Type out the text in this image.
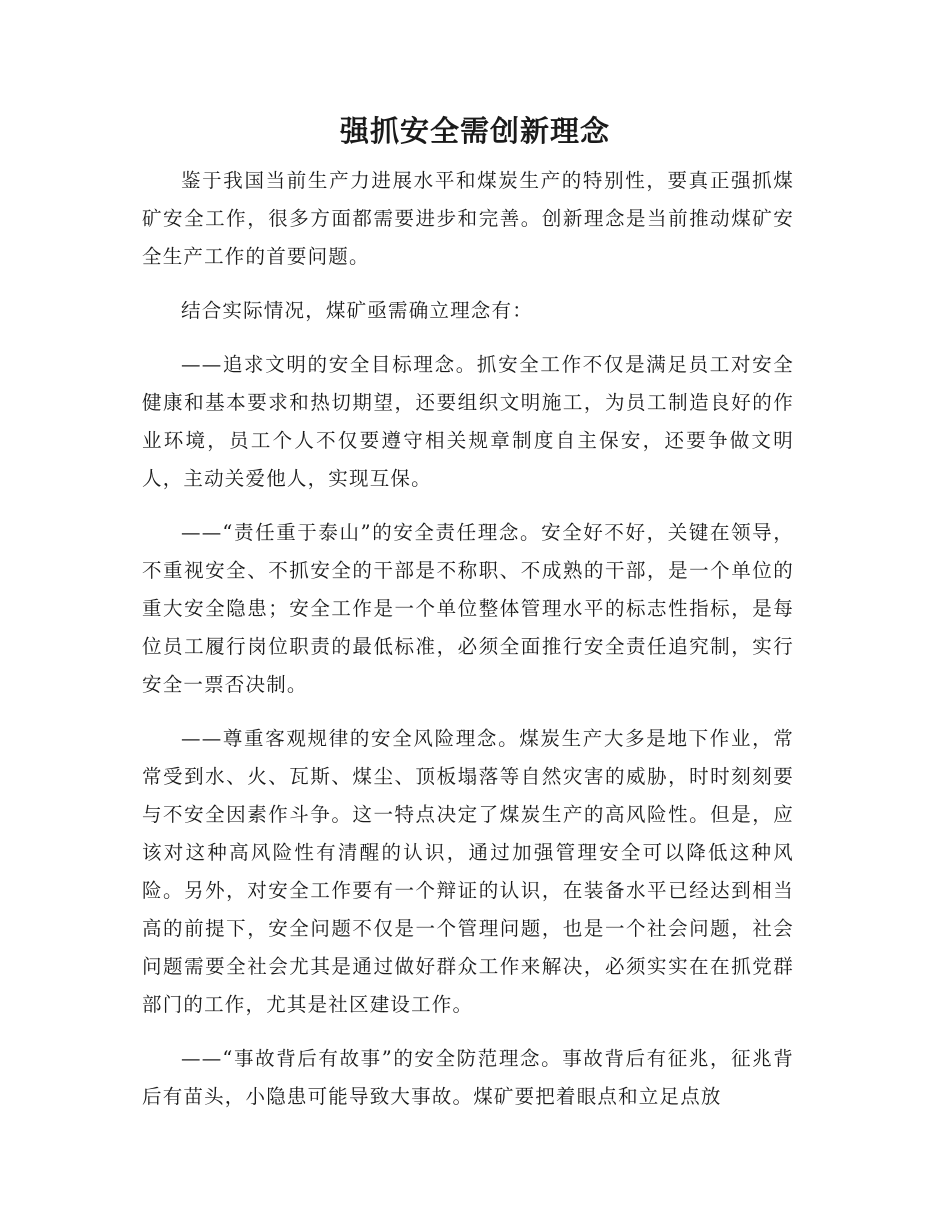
强抓安全需创新理念

鉴于我国当前生产力进展水平和煤炭生产的特别性，要真正强抓煤矿安全工作，很多方面都需要进步和完善。创新理念是当前推动煤矿安全生产工作的首要问题。

结合实际情况，煤矿亟需确立理念有：

——追求文明的安全目标理念。抓安全工作不仅是满足员工对安全健康和基本要求和热切期望，还要组织文明施工，为员工制造良好的作业环境，员工个人不仅要遵守相关规章制度自主保安，还要争做文明人，主动关爱他人，实现互保。

——“责任重于泰山”的安全责任理念。安全好不好，关键在领导，不重视安全、不抓安全的干部是不称职、不成熟的干部，是一个单位的重大安全隐患；安全工作是一个单位整体管理水平的标志性指标，是每位员工履行岗位职责的最低标准，必须全面推行安全责任追究制，实行安全一票否决制。

——尊重客观规律的安全风险理念。煤炭生产大多是地下作业，常常受到水、火、瓦斯、煤尘、顶板塌落等自然灾害的威胁，时时刻刻要与不安全因素作斗争。这一特点决定了煤炭生产的高风险性。但是，应该对这种高风险性有清醒的认识，通过加强管理安全可以降低这种风险。另外，对安全工作要有一个辩证的认识，在装备水平已经达到相当高的前提下，安全问题不仅是一个管理问题，也是一个社会问题，社会问题需要全社会尤其是通过做好群众工作来解决，必须实实在在抓党群部门的工作，尤其是社区建设工作。

——“事故背后有故事”的安全防范理念。事故背后有征兆，征兆背后有苗头，小隐患可能导致大事故。煤矿要把着眼点和立足点放
